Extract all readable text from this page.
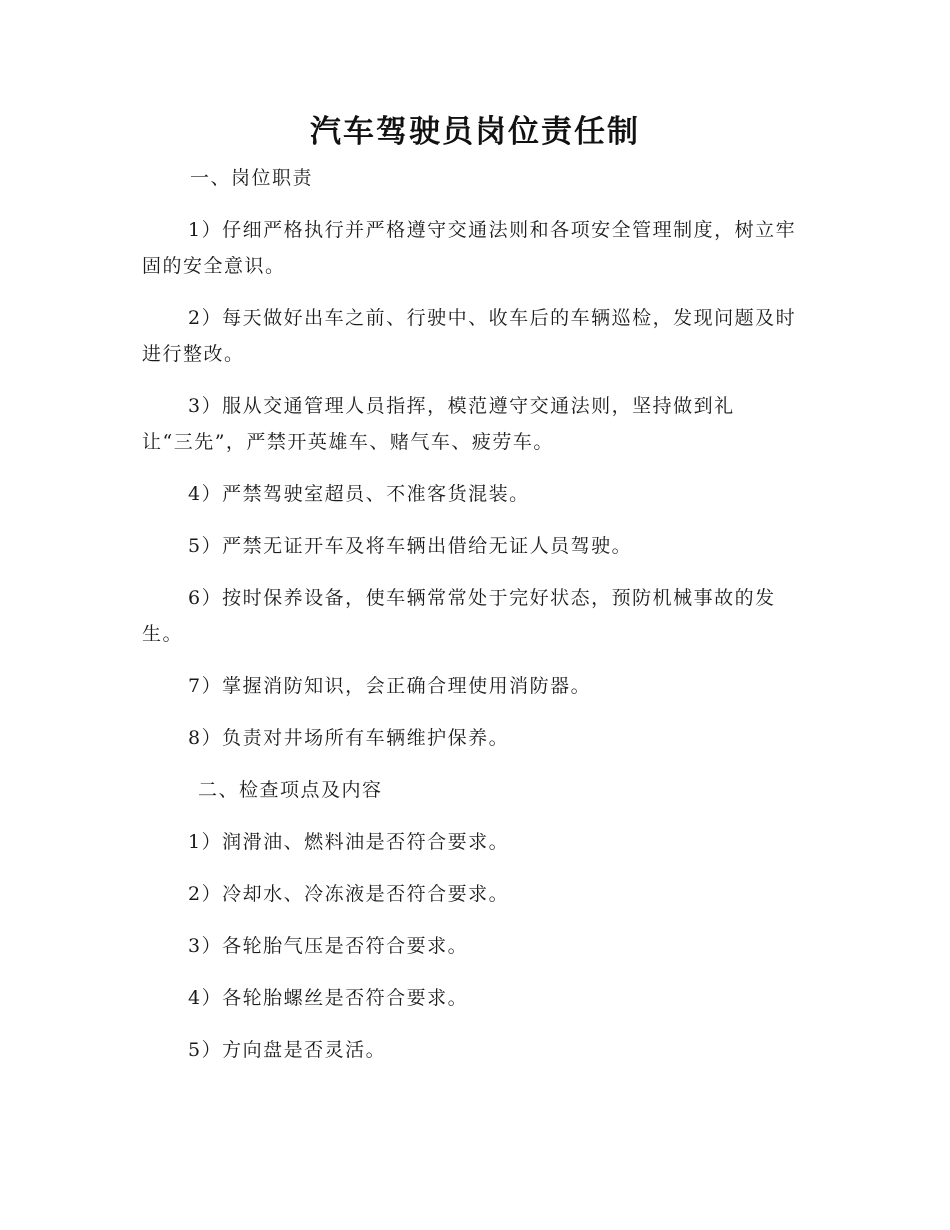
汽车驾驶员岗位责任制
一、岗位职责
1）仔细严格执行并严格遵守交通法则和各项安全管理制度，树立牢固的安全意识。
2）每天做好出车之前、行驶中、收车后的车辆巡检，发现问题及时进行整改。
3）服从交通管理人员指挥，模范遵守交通法则，坚持做到礼让“三先”，严禁开英雄车、赌气车、疲劳车。
4）严禁驾驶室超员、不准客货混装。
5）严禁无证开车及将车辆出借给无证人员驾驶。
6）按时保养设备，使车辆常常处于完好状态，预防机械事故的发生。
7）掌握消防知识，会正确合理使用消防器。
8）负责对井场所有车辆维护保养。
二、检查项点及内容
1）润滑油、燃料油是否符合要求。
2）冷却水、冷冻液是否符合要求。
3）各轮胎气压是否符合要求。
4）各轮胎螺丝是否符合要求。
5）方向盘是否灵活。
